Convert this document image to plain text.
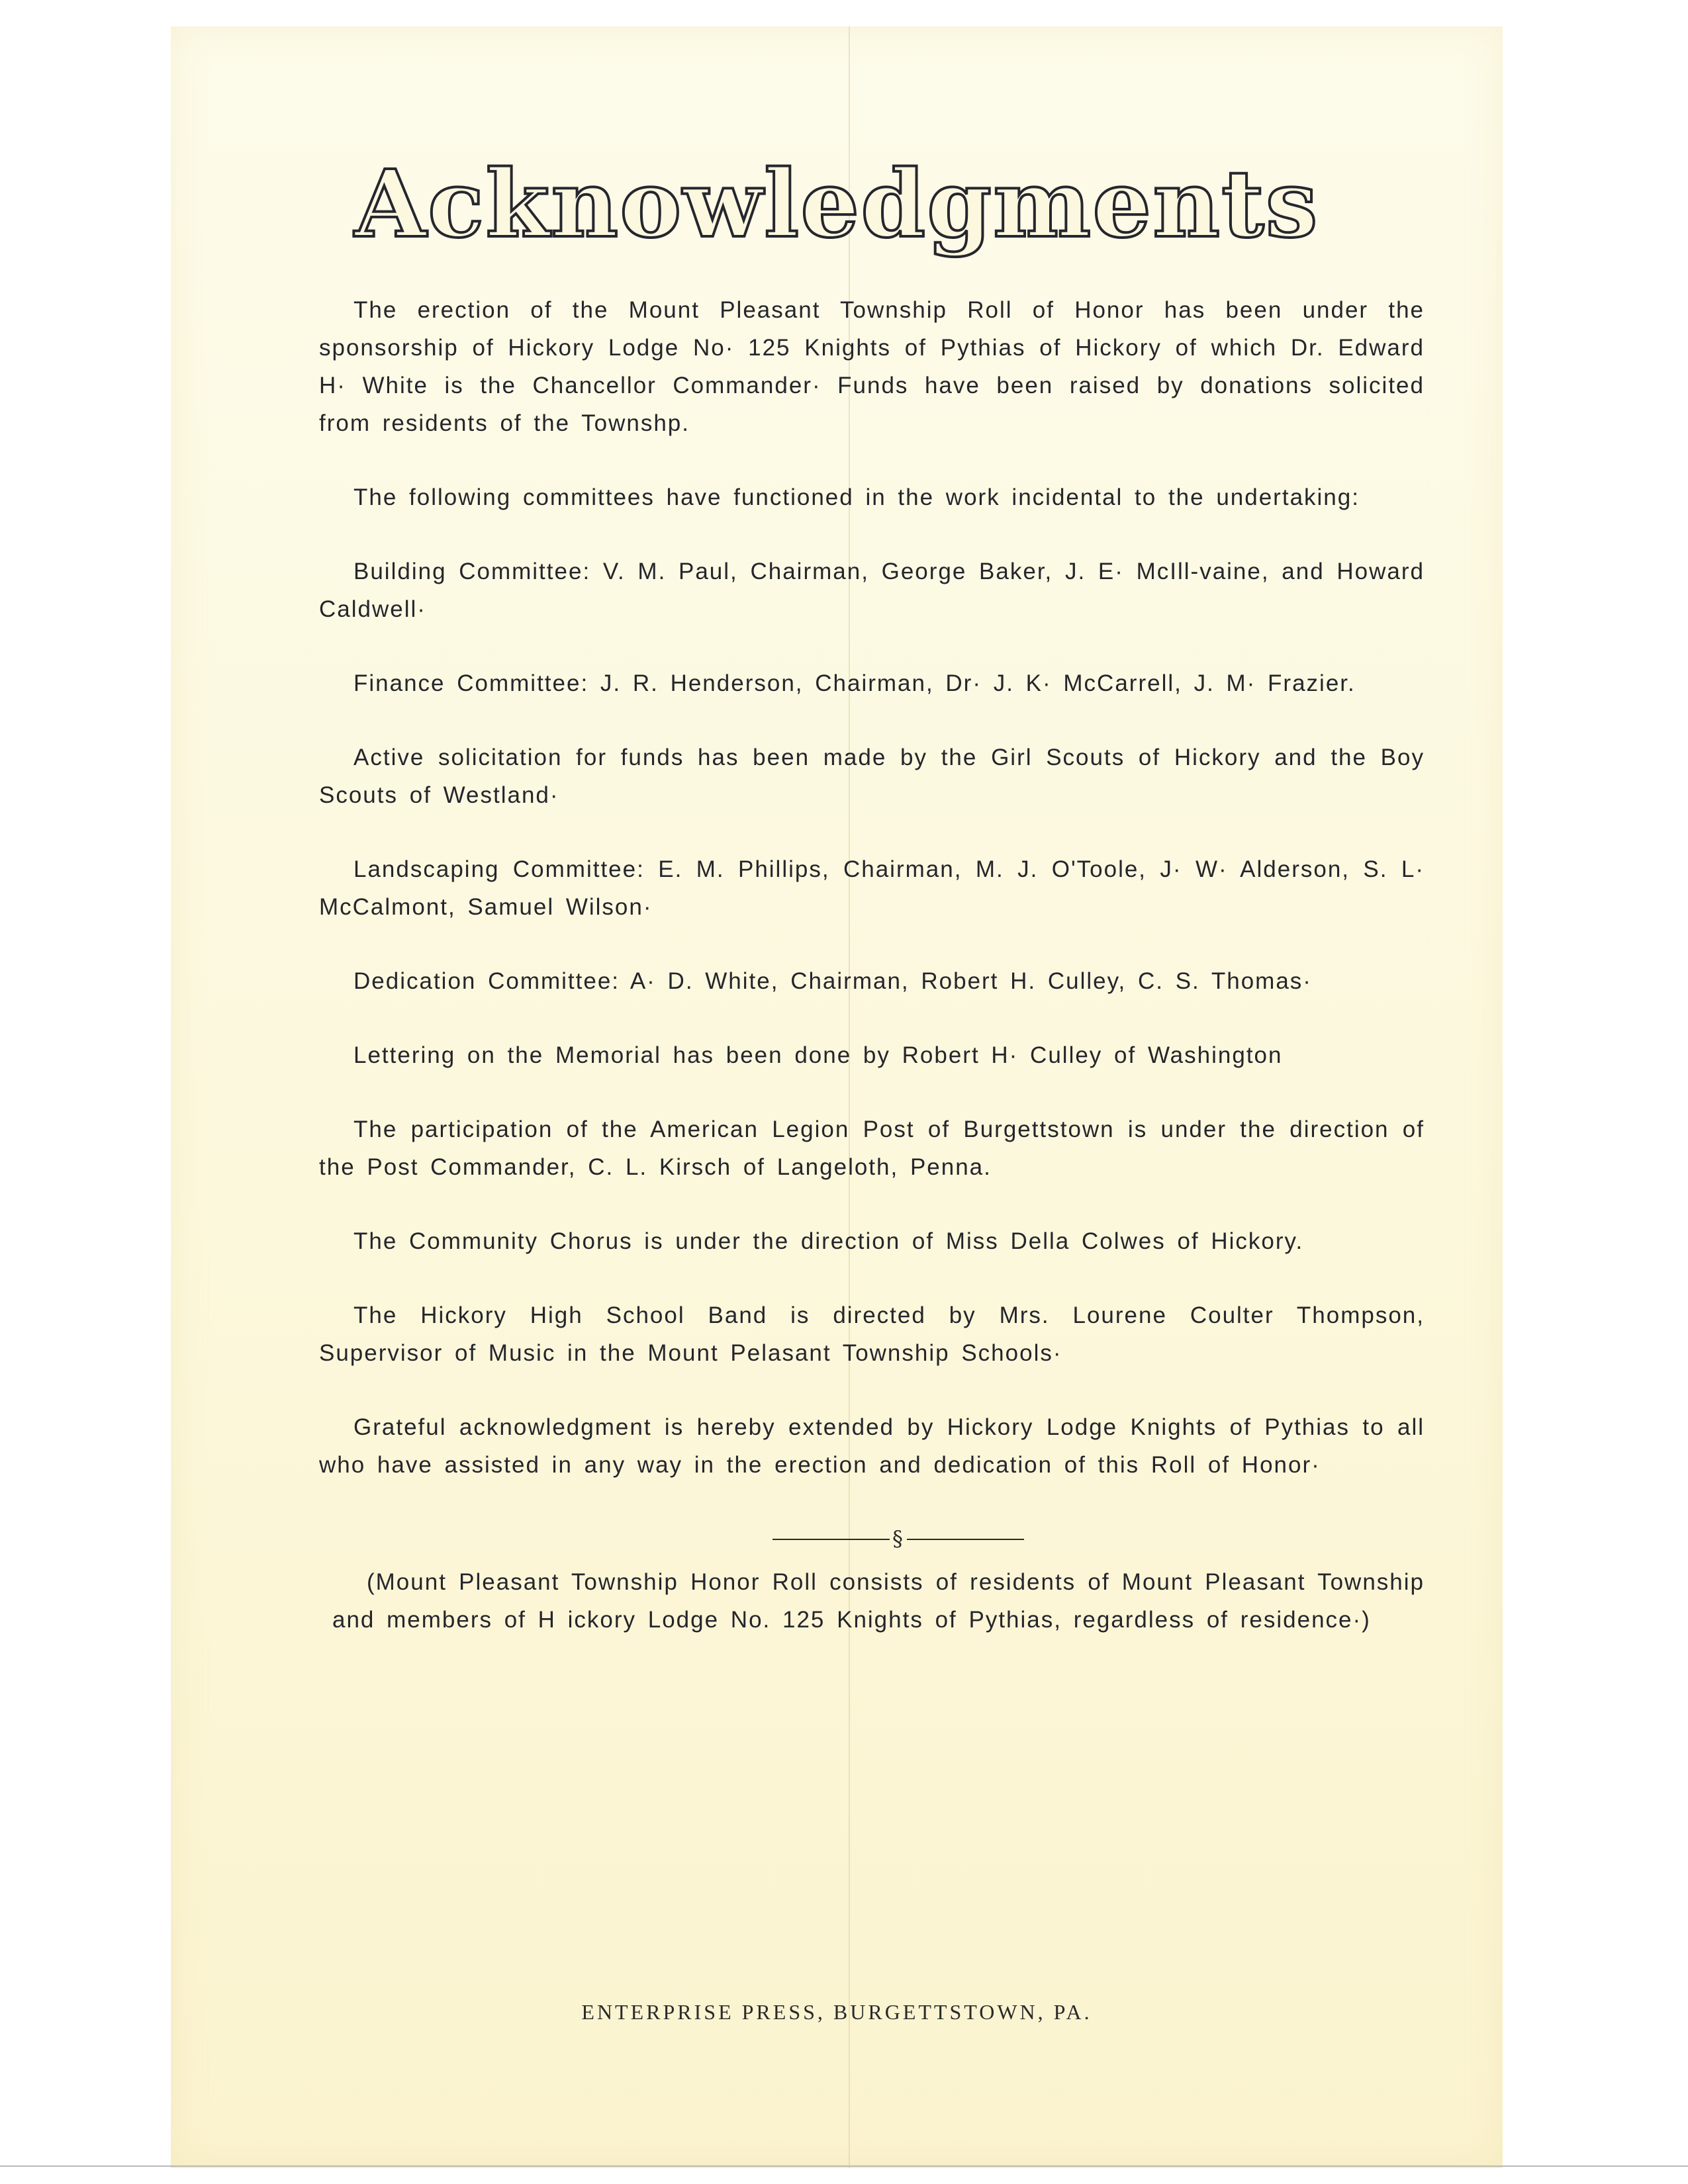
Acknowledgments

The erection of the Mount Pleasant Township Roll of Honor has been under the sponsorship of Hickory Lodge No· 125 Knights of Pythias of Hickory of which Dr. Edward H· White is the Chancellor Commander· Funds have been raised by donations solicited from residents of the Townshp.

The following committees have functioned in the work incidental to the undertaking:

Building Committee: V. M. Paul, Chairman, George Baker, J. E· McIll-vaine, and Howard Caldwell·

Finance Committee: J. R. Henderson, Chairman, Dr· J. K· McCarrell, J. M· Frazier.

Active solicitation for funds has been made by the Girl Scouts of Hickory and the Boy Scouts of Westland·

Landscaping Committee: E. M. Phillips, Chairman, M. J. O'Toole, J· W· Alderson, S. L· McCalmont, Samuel Wilson·

Dedication Committee: A· D. White, Chairman, Robert H. Culley, C. S. Thomas·

Lettering on the Memorial has been done by Robert H· Culley of Washington

The participation of the American Legion Post of Burgettstown is under the direction of the Post Commander, C. L. Kirsch of Langeloth, Penna.

The Community Chorus is under the direction of Miss Della Colwes of Hickory.

The Hickory High School Band is directed by Mrs. Lourene Coulter Thompson, Supervisor of Music in the Mount Pelasant Township Schools·

Grateful acknowledgment is hereby extended by Hickory Lodge Knights of Pythias to all who have assisted in any way in the erection and dedication of this Roll of Honor·

§

(Mount Pleasant Township Honor Roll consists of residents of Mount Pleasant Township and members of H ickory Lodge No. 125 Knights of Pythias, regardless of residence·)

ENTERPRISE PRESS, BURGETTSTOWN, PA.
